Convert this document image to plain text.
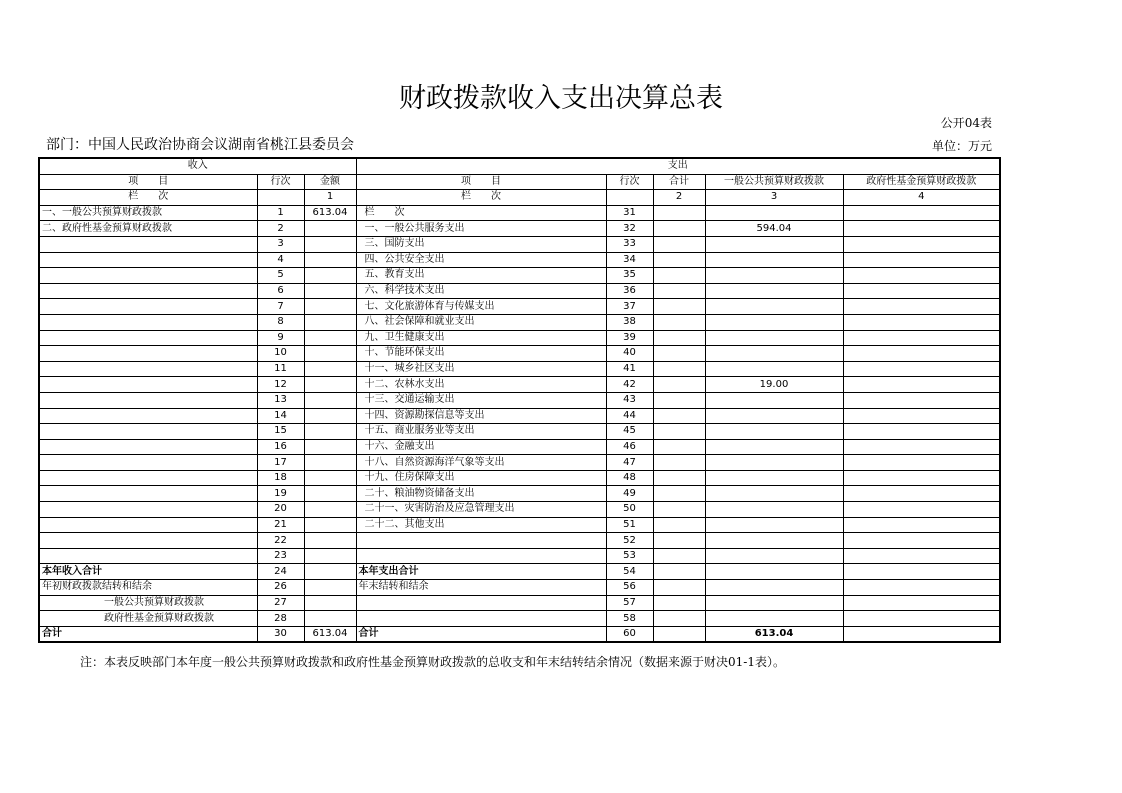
财政拨款收入支出决算总表
公开04表
部门：中国人民政治协商会议湖南省桃江县委员会	单位：万元
收入			支出				
项　　目	行次	金额	项　　目	行次	合计	一般公共预算财政拨款	政府性基金预算财政拨款
栏　　次		1	栏　　次		2	3	4
一、一般公共预算财政拨款	1	613.04	栏　　次	31			
二、政府性基金预算财政拨款	2		一、一般公共服务支出	32		594.04	
	3		三、国防支出	33			
	4		四、公共安全支出	34			
	5		五、教育支出	35			
	6		六、科学技术支出	36			
	7		七、文化旅游体育与传媒支出	37			
	8		八、社会保障和就业支出	38			
	9		九、卫生健康支出	39			
	10		十、节能环保支出	40			
	11		十一、城乡社区支出	41			
	12		十二、农林水支出	42		19.00	
	13		十三、交通运输支出	43			
	14		十四、资源勘探信息等支出	44			
	15		十五、商业服务业等支出	45			
	16		十六、金融支出	46			
	17		十八、自然资源海洋气象等支出	47			
	18		十九、住房保障支出	48			
	19		二十、粮油物资储备支出	49			
	20		二十一、灾害防治及应急管理支出	50			
	21		二十二、其他支出	51			
	22			52			
	23			53			
本年收入合计	24		本年支出合计	54			
年初财政拨款结转和结余	26		年末结转和结余	56			
一般公共预算财政拨款	27			57			
政府性基金预算财政拨款	28			58			
合计	30	613.04	合计	60		613.04	
注：本表反映部门本年度一般公共预算财政拨款和政府性基金预算财政拨款的总收支和年末结转结余情况（数据来源于财决01-1表）。
